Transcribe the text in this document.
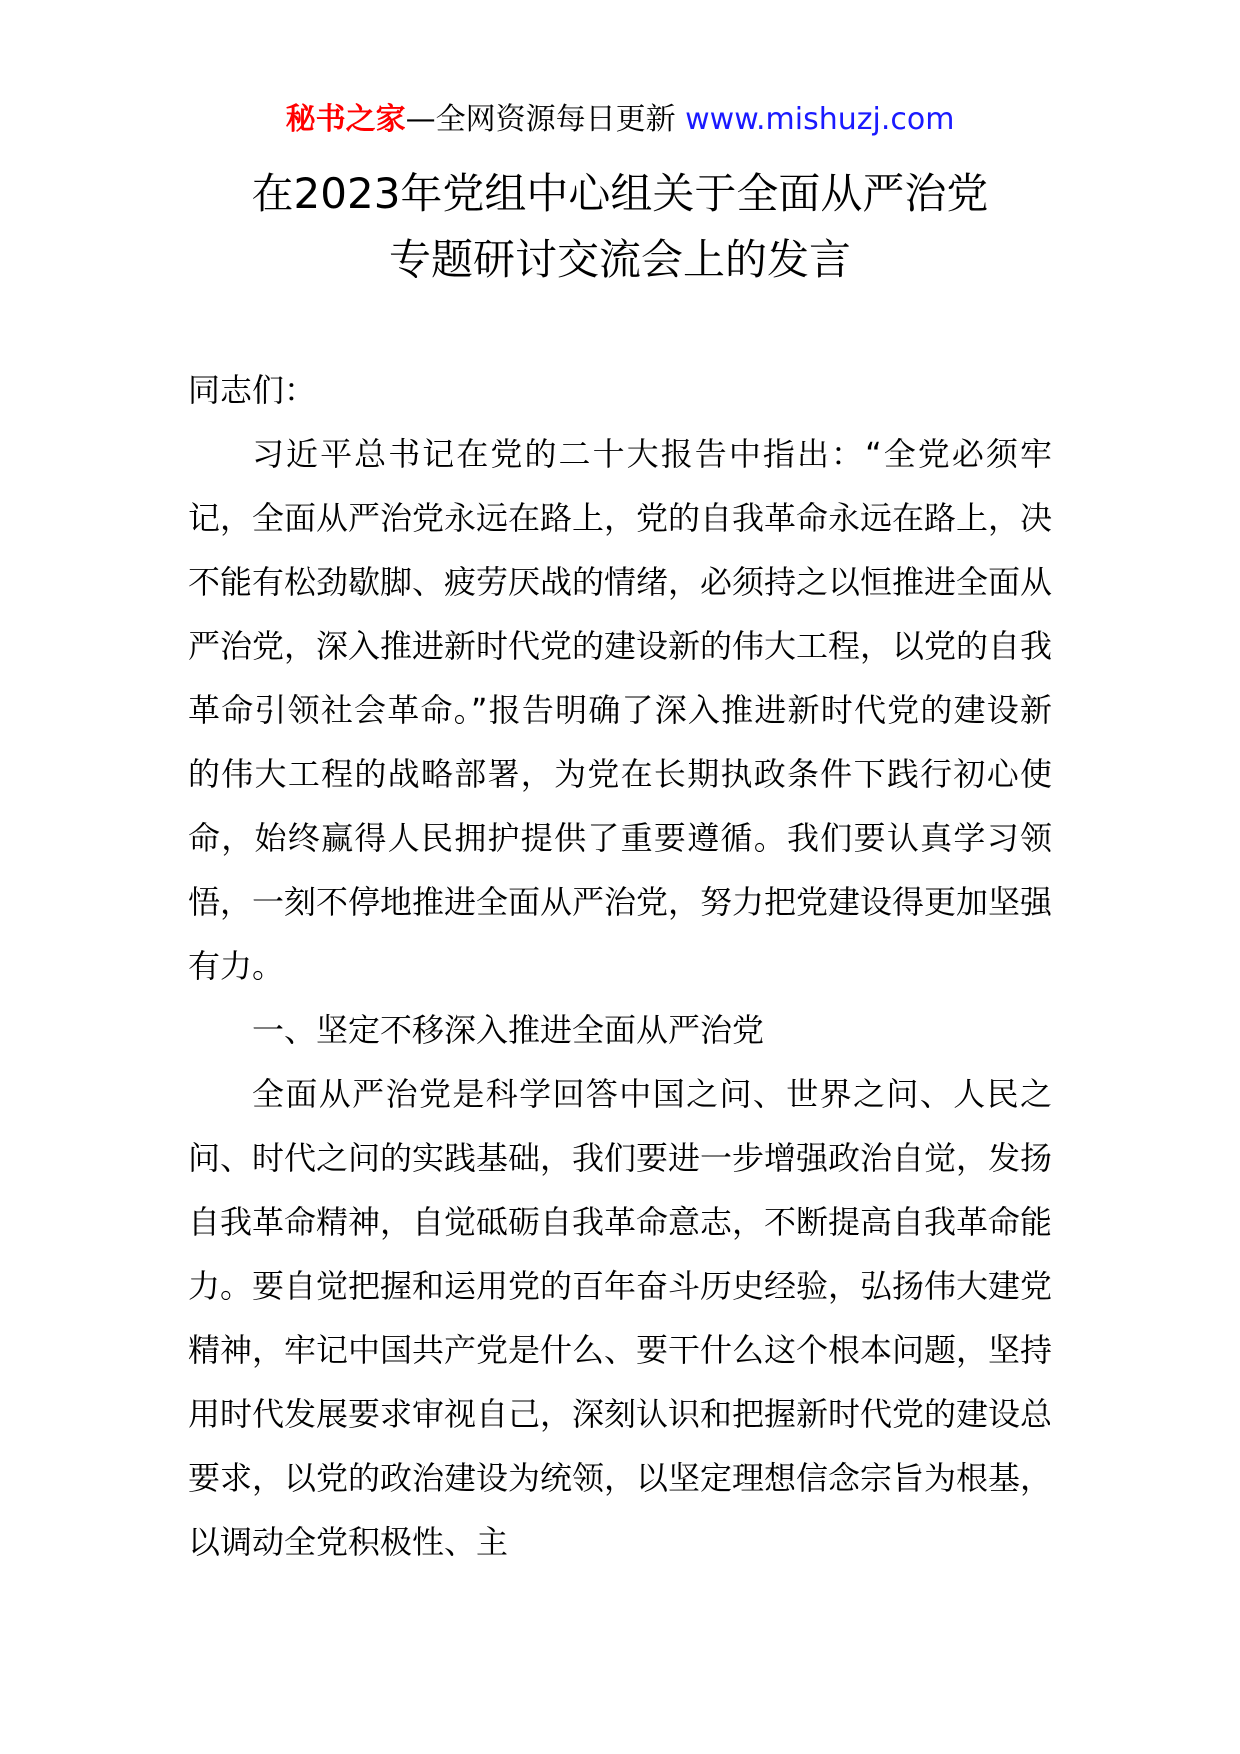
秘书之家—全网资源每日更新 www.mishuzj.com
在2023年党组中心组关于全面从严治党
专题研讨交流会上的发言

同志们：

习近平总书记在党的二十大报告中指出：“全党必须牢记，全面从严治党永远在路上，党的自我革命永远在路上，决不能有松劲歇脚、疲劳厌战的情绪，必须持之以恒推进全面从严治党，深入推进新时代党的建设新的伟大工程，以党的自我革命引领社会革命。”报告明确了深入推进新时代党的建设新的伟大工程的战略部署，为党在长期执政条件下践行初心使命，始终赢得人民拥护提供了重要遵循。我们要认真学习领悟，一刻不停地推进全面从严治党，努力把党建设得更加坚强有力。

一、坚定不移深入推进全面从严治党

全面从严治党是科学回答中国之问、世界之问、人民之问、时代之问的实践基础，我们要进一步增强政治自觉，发扬自我革命精神，自觉砥砺自我革命意志，不断提高自我革命能力。要自觉把握和运用党的百年奋斗历史经验，弘扬伟大建党精神，牢记中国共产党是什么、要干什么这个根本问题，坚持用时代发展要求审视自己，深刻认识和把握新时代党的建设总要求，以党的政治建设为统领，以坚定理想信念宗旨为根基，以调动全党积极性、主
